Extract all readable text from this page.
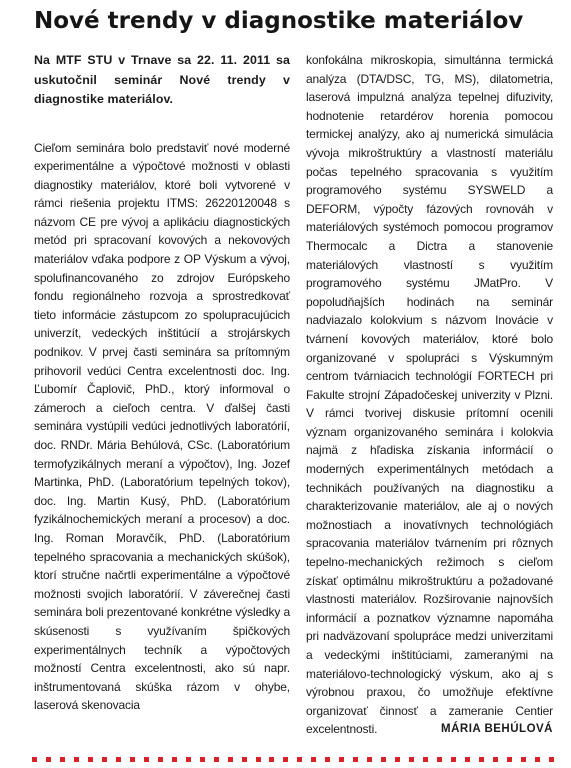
Nové trendy v diagnostike materiálov

Na MTF STU v Trnave sa 22. 11. 2011 sa uskutočnil seminár Nové trendy v diagnostike materiálov.

Cieľom seminára bolo predstaviť nové moderné experimentálne a výpočtové možnosti v oblasti diagnostiky materiálov, ktoré boli vytvorené v rámci riešenia projektu ITMS: 26220120048 s názvom CE pre vývoj a aplikáciu diagnostických metód pri spracovaní kovových a nekovových materiálov vďaka podpore z OP Výskum a vývoj, spolufinancovaného zo zdrojov Európskeho fondu regionálneho rozvoja a sprostredkovať tieto informácie zástupcom zo spolupracujúcich univerzít, vedeckých inštitúcií a strojárskych podnikov. V prvej časti seminára sa prítomným prihovoril vedúci Centra excelentnosti doc. Ing. Ľubomír Čaplovič, PhD., ktorý informoval o zámeroch a cieľoch centra. V ďalšej časti seminára vystúpili vedúci jednotlivých laboratórií, doc. RNDr. Mária Behúlová, CSc. (Laboratórium termofyzikálnych meraní a výpočtov), Ing. Jozef Martinka, PhD. (Laboratórium tepelných tokov), doc. Ing. Martin Kusý, PhD. (Laboratórium fyzikálnochemických meraní a procesov) a doc. Ing. Roman Moravčík, PhD. (Laboratórium tepelného spracovania a mechanických skúšok), ktorí stručne načrtli experimentálne a výpočtové možnosti svojich laboratórií. V záverečnej časti seminára boli prezentované konkrétne výsledky a skúsenosti s využívaním špičkových experimentálnych techník a výpočtových možností Centra excelentnosti, ako sú napr. inštrumentovaná skúška rázom v ohybe, laserová skenovacia

konfokálna mikroskopia, simultánna termická analýza (DTA/DSC, TG, MS), dilatometria, laserová impulzná analýza tepelnej difuzivity, hodnotenie retardérov horenia pomocou termickej analýzy, ako aj numerická simulácia vývoja mikroštruktúry a vlastností materiálu počas tepelného spracovania s využitím programového systému SYSWELD a DEFORM, výpočty fázových rovnováh v materiálových systémoch pomocou programov Thermocalc a Dictra a stanovenie materiálových vlastností s využitím programového systému JMatPro. V popoludňajších hodinách na seminár nadviazalo kolokvium s názvom Inovácie v tvárnení kovových materiálov, ktoré bolo organizované v spolupráci s Výskumným centrom tvárniacich technológií FORTECH pri Fakulte strojní Západočeskej univerzity v Plzni. V rámci tvorivej diskusie prítomní ocenili význam organizovaného seminára i kolokvia najmä z hľadiska získania informácií o moderných experimentálnych metódach a technikách používaných na diagnostiku a charakterizovanie materiálov, ale aj o nových možnostiach a inovatívnych technológiách spracovania materiálov tvárnením pri rôznych tepelno-mechanických režimoch s cieľom získať optimálnu mikroštruktúru a požadované vlastnosti materiálov. Rozširovanie najnovších informácií a poznatkov významne napomáha pri nadväzovaní spolupráce medzi univerzitami a vedeckými inštitúciami, zameranými na materiálovo-technologický výskum, ako aj s výrobnou praxou, čo umožňuje efektívne organizovať činnosť a zameranie Centier excelentnosti.	MÁRIA BEHÚLOVÁ
